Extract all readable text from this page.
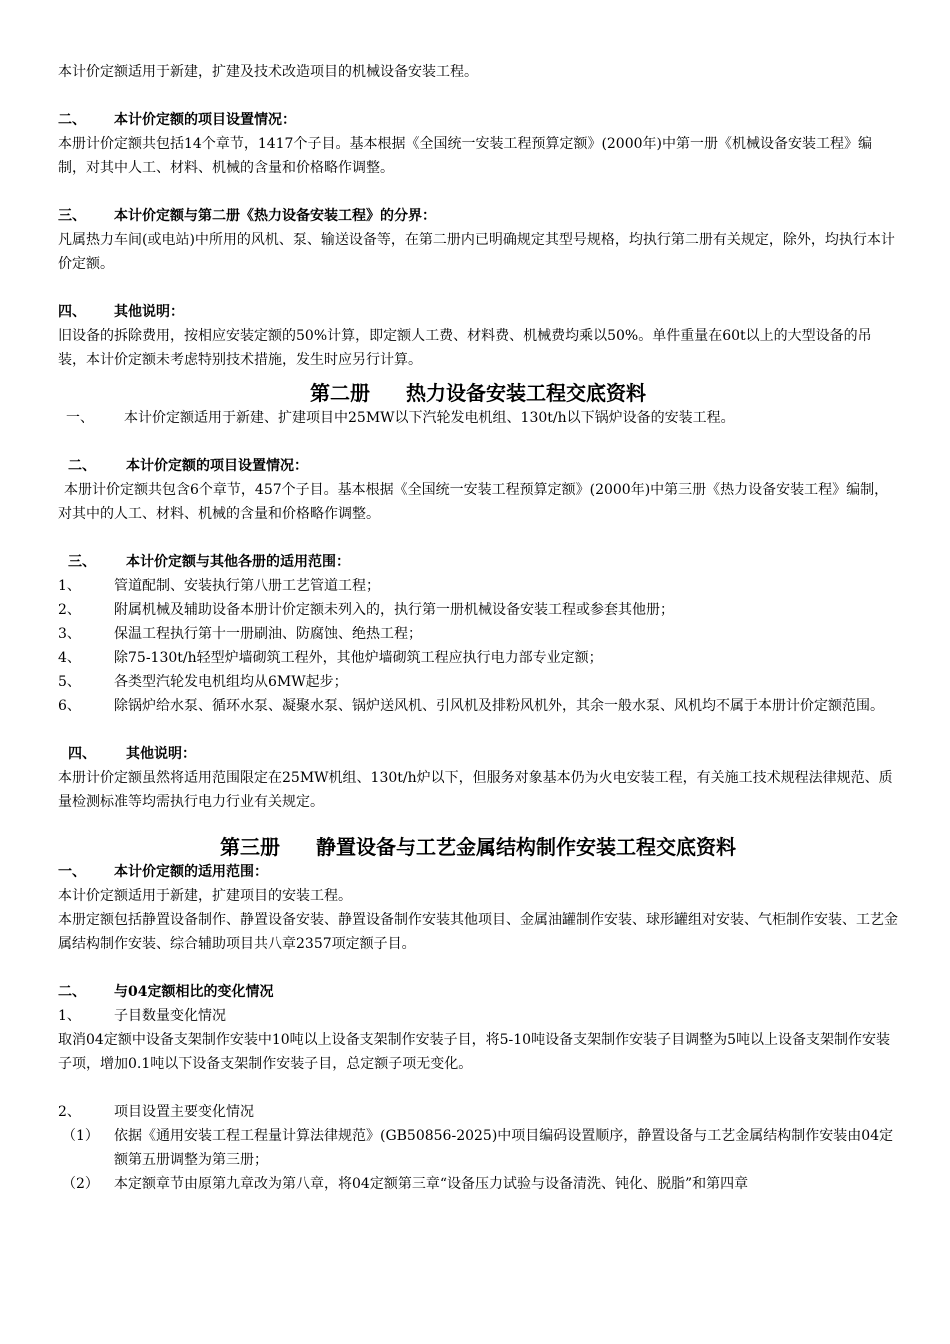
本计价定额适用于新建，扩建及技术改造项目的机械设备安装工程。

二、	本计价定额的项目设置情况：

本册计价定额共包括14个章节，1417个子目。基本根据《全国统一安装工程预算定额》(2000年)中第一册《机械设备安装工程》编制，对其中人工、材料、机械的含量和价格略作调整。

三、	本计价定额与第二册《热力设备安装工程》的分界：

凡属热力车间(或电站)中所用的风机、泵、输送设备等，在第二册内已明确规定其型号规格，均执行第二册有关规定，除外，均执行本计价定额。

四、	其他说明：

旧设备的拆除费用，按相应安装定额的50%计算，即定额人工费、材料费、机械费均乘以50%。单件重量在60t以上的大型设备的吊装，本计价定额未考虑特别技术措施，发生时应另行计算。

第二册 热力设备安装工程交底资料
一、	本计价定额适用于新建、扩建项目中25MW以下汽轮发电机组、130t/h以下锅炉设备的安装工程。
二、	本计价定额的项目设置情况：

本册计价定额共包含6个章节，457个子目。基本根据《全国统一安装工程预算定额》(2000年)中第三册《热力设备安装工程》编制，对其中的人工、材料、机械的含量和价格略作调整。

三、	本计价定额与其他各册的适用范围：
1、	管道配制、安装执行第八册工艺管道工程；
2、	附属机械及辅助设备本册计价定额未列入的，执行第一册机械设备安装工程或参套其他册；
3、	保温工程执行第十一册刷油、防腐蚀、绝热工程；
4、	除75-130t/h轻型炉墙砌筑工程外，其他炉墙砌筑工程应执行电力部专业定额；
5、	各类型汽轮发电机组均从6MW起步；
6、	除锅炉给水泵、循环水泵、凝聚水泵、锅炉送风机、引风机及排粉风机外，其余一般水泵、风机均不属于本册计价定额范围。
四、	其他说明：

本册计价定额虽然将适用范围限定在25MW机组、130t/h炉以下，但服务对象基本仍为火电安装工程，有关施工技术规程法律规范、质量检测标准等均需执行电力行业有关规定。

第三册 静置设备与工艺金属结构制作安装工程交底资料
一、	本计价定额的适用范围：

本计价定额适用于新建，扩建项目的安装工程。

本册定额包括静置设备制作、静置设备安装、静置设备制作安装其他项目、金属油罐制作安装、球形罐组对安装、气柜制作安装、工艺金属结构制作安装、综合辅助项目共八章2357项定额子目。

二、	与04定额相比的变化情况
1、	子目数量变化情况

取消04定额中设备支架制作安装中10吨以上设备支架制作安装子目，将5-10吨设备支架制作安装子目调整为5吨以上设备支架制作安装子项，增加0.1吨以下设备支架制作安装子目，总定额子项无变化。

2、	项目设置主要变化情况
（1）	依据《通用安装工程工程量计算法律规范》(GB50856-2025)中项目编码设置顺序，静置设备与工艺金属结构制作安装由04定额第五册调整为第三册；
（2）	本定额章节由原第九章改为第八章，将04定额第三章“设备压力试验与设备清洗、钝化、脱脂”和第四章
